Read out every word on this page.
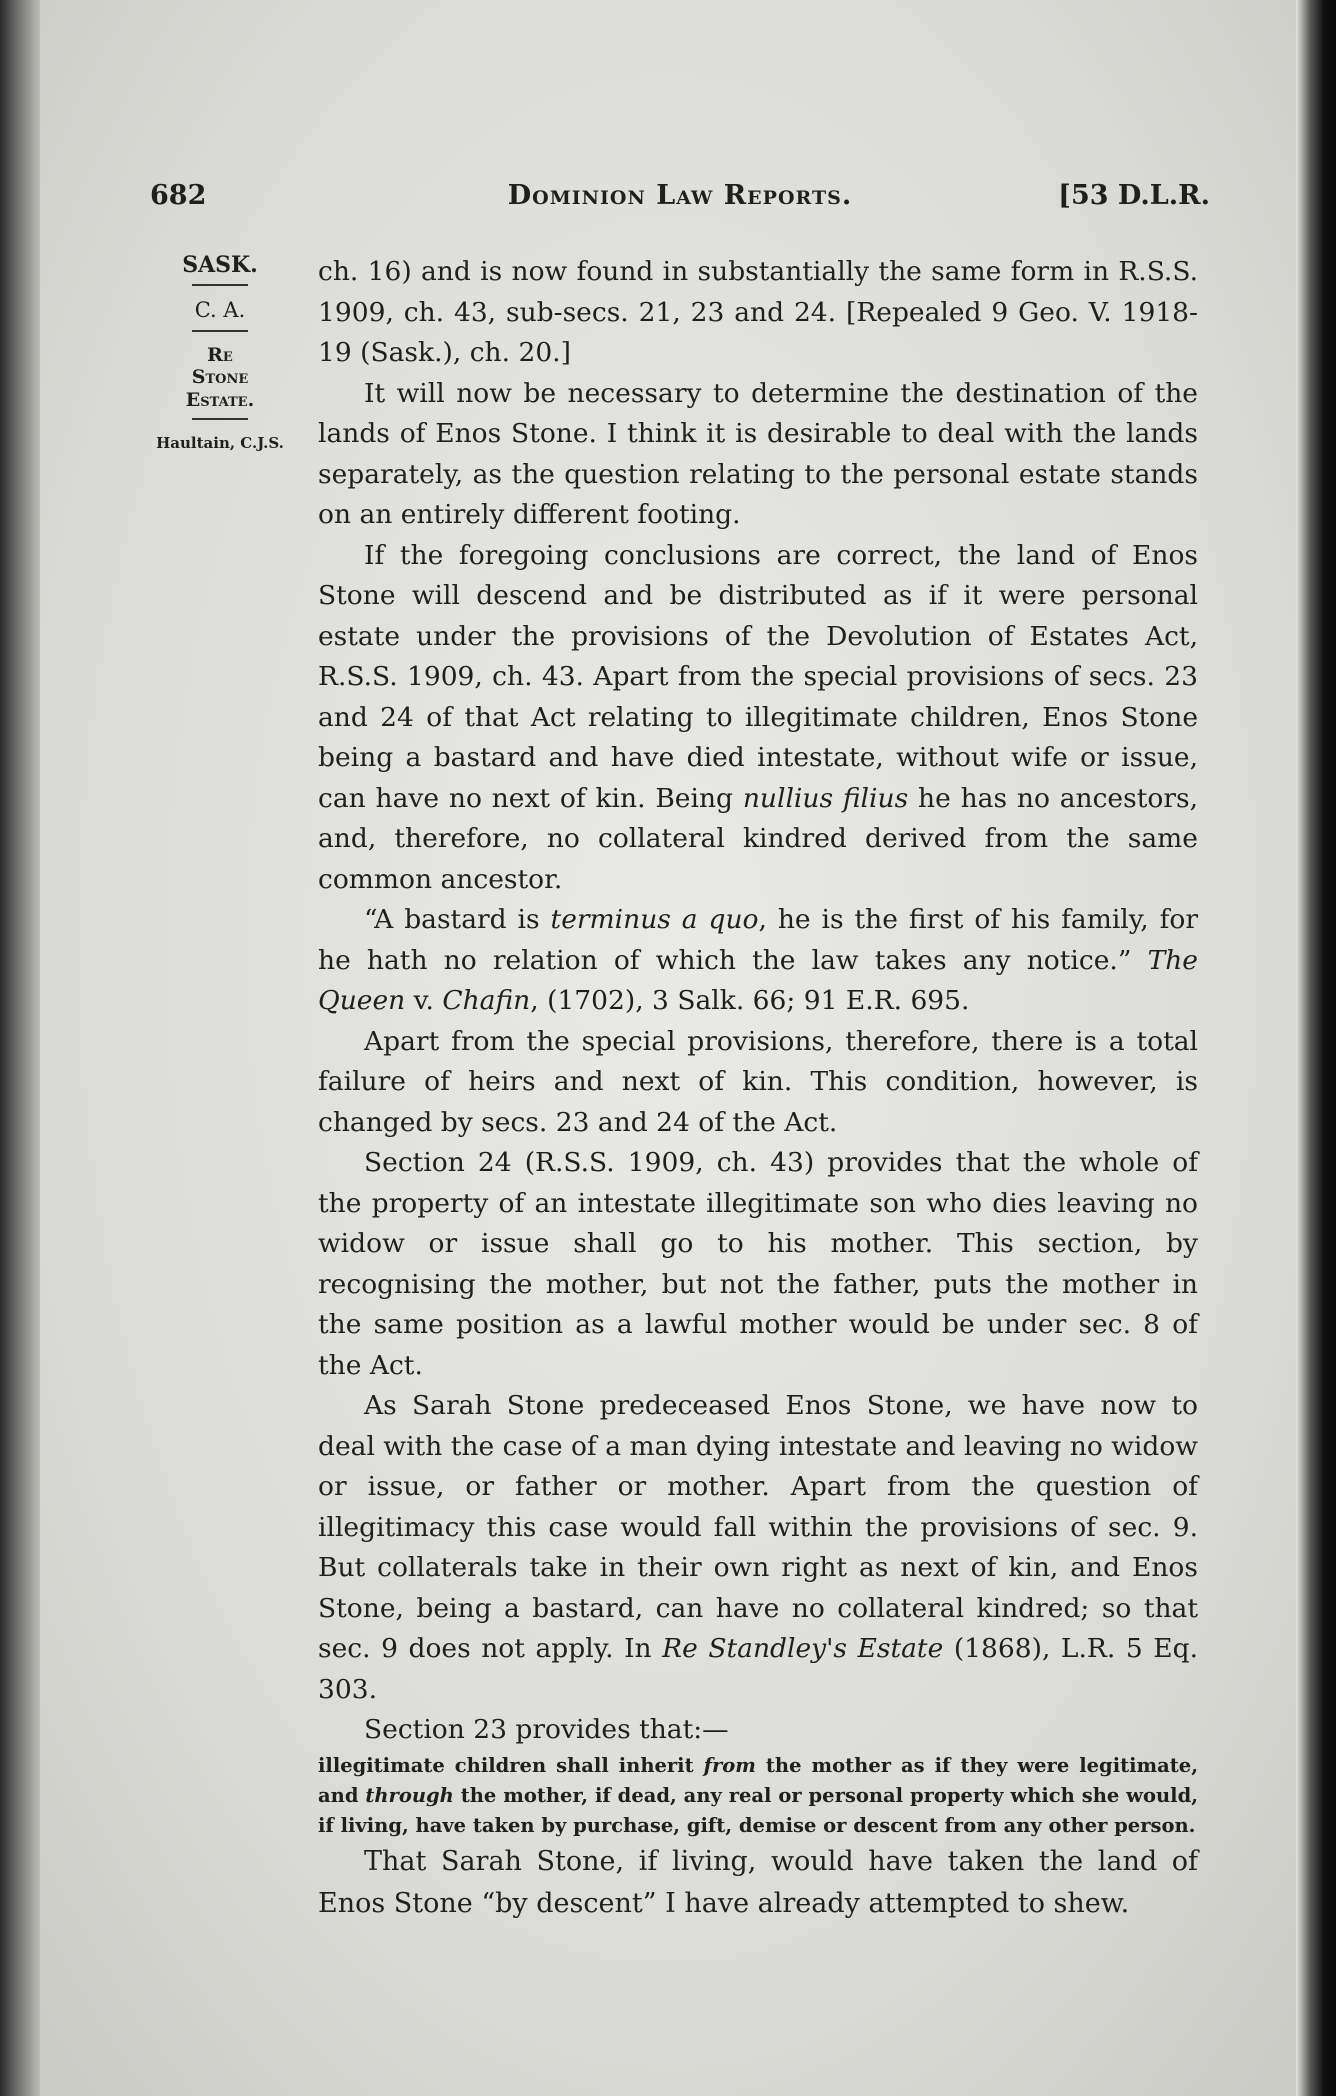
682	Dominion Law Reports.	[53 D.L.R.
SASK.
C. A.
Re
Stone
Estate.
Haultain, C.J.S.

ch. 16) and is now found in substantially the same form in R.S.S. 1909, ch. 43, sub-secs. 21, 23 and 24. [Repealed 9 Geo. V. 1918-19 (Sask.), ch. 20.]

It will now be necessary to determine the destination of the lands of Enos Stone. I think it is desirable to deal with the lands separately, as the question relating to the personal estate stands on an entirely different footing.

If the foregoing conclusions are correct, the land of Enos Stone will descend and be distributed as if it were personal estate under the provisions of the Devolution of Estates Act, R.S.S. 1909, ch. 43. Apart from the special provisions of secs. 23 and 24 of that Act relating to illegitimate children, Enos Stone being a bastard and have died intestate, without wife or issue, can have no next of kin. Being nullius filius he has no ancestors, and, therefore, no collateral kindred derived from the same common ancestor.

“A bastard is terminus a quo, he is the first of his family, for he hath no relation of which the law takes any notice.” The Queen v. Chafin, (1702), 3 Salk. 66; 91 E.R. 695.

Apart from the special provisions, therefore, there is a total failure of heirs and next of kin. This condition, however, is changed by secs. 23 and 24 of the Act.

Section 24 (R.S.S. 1909, ch. 43) provides that the whole of the property of an intestate illegitimate son who dies leaving no widow or issue shall go to his mother. This section, by recognising the mother, but not the father, puts the mother in the same position as a lawful mother would be under sec. 8 of the Act.

As Sarah Stone predeceased Enos Stone, we have now to deal with the case of a man dying intestate and leaving no widow or issue, or father or mother. Apart from the question of illegitimacy this case would fall within the provisions of sec. 9. But collaterals take in their own right as next of kin, and Enos Stone, being a bastard, can have no collateral kindred; so that sec. 9 does not apply. In Re Standley's Estate (1868), L.R. 5 Eq. 303.

Section 23 provides that:—

illegitimate children shall inherit from the mother as if they were legitimate, and through the mother, if dead, any real or personal property which she would, if living, have taken by purchase, gift, demise or descent from any other person.

That Sarah Stone, if living, would have taken the land of Enos Stone “by descent” I have already attempted to shew.
